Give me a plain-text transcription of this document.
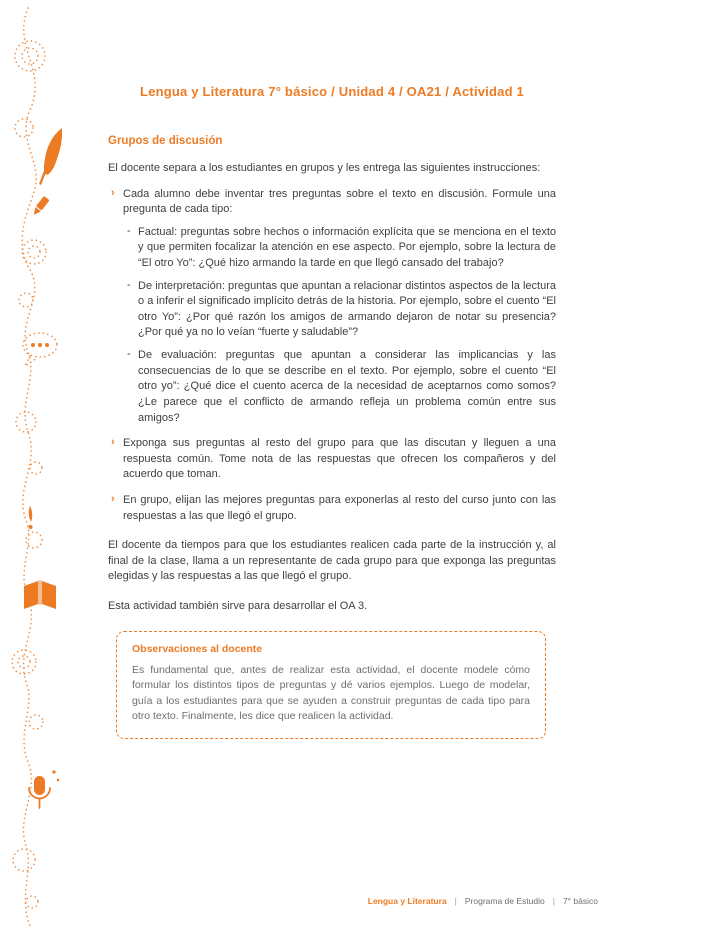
Lengua y Literatura 7° básico / Unidad 4 / OA21 / Actividad 1
Grupos de discusión

El docente separa a los estudiantes en grupos y les entrega las siguientes instrucciones:

› Cada alumno debe inventar tres preguntas sobre el texto en discusión. Formule una pregunta de cada tipo:

- Factual: preguntas sobre hechos o información explícita que se menciona en el texto y que permiten focalizar la atención en ese aspecto. Por ejemplo, sobre la lectura de “El otro Yo”: ¿Qué hizo armando la tarde en que llegó cansado del trabajo?

- De interpretación: preguntas que apuntan a relacionar distintos aspectos de la lectura o a inferir el significado implícito detrás de la historia. Por ejemplo, sobre el cuento “El otro Yo”: ¿Por qué razón los amigos de armando dejaron de notar su presencia? ¿Por qué ya no lo veían “fuerte y saludable”?

- De evaluación: preguntas que apuntan a considerar las implicancias y las consecuencias de lo que se describe en el texto. Por ejemplo, sobre el cuento “El otro yo”: ¿Qué dice el cuento acerca de la necesidad de aceptarnos como somos? ¿Le parece que el conflicto de armando refleja un problema común entre sus amigos?

› Exponga sus preguntas al resto del grupo para que las discutan y lleguen a una respuesta común. Tome nota de las respuestas que ofrecen los compañeros y del acuerdo que toman.

› En grupo, elijan las mejores preguntas para exponerlas al resto del curso junto con las respuestas a las que llegó el grupo.

El docente da tiempos para que los estudiantes realicen cada parte de la instrucción y, al final de la clase, llama a un representante de cada grupo para que exponga las preguntas elegidas y las respuestas a las que llegó el grupo.

Esta actividad también sirve para desarrollar el OA 3.

Observaciones al docente

Es fundamental que, antes de realizar esta actividad, el docente modele cómo formular los distintos tipos de preguntas y dé varios ejemplos. Luego de modelar, guía a los estudiantes para que se ayuden a construir preguntas de cada tipo para otro texto. Finalmente, les dice que realicen la actividad.

Lengua y Literatura | Programa de Estudio | 7° básico
